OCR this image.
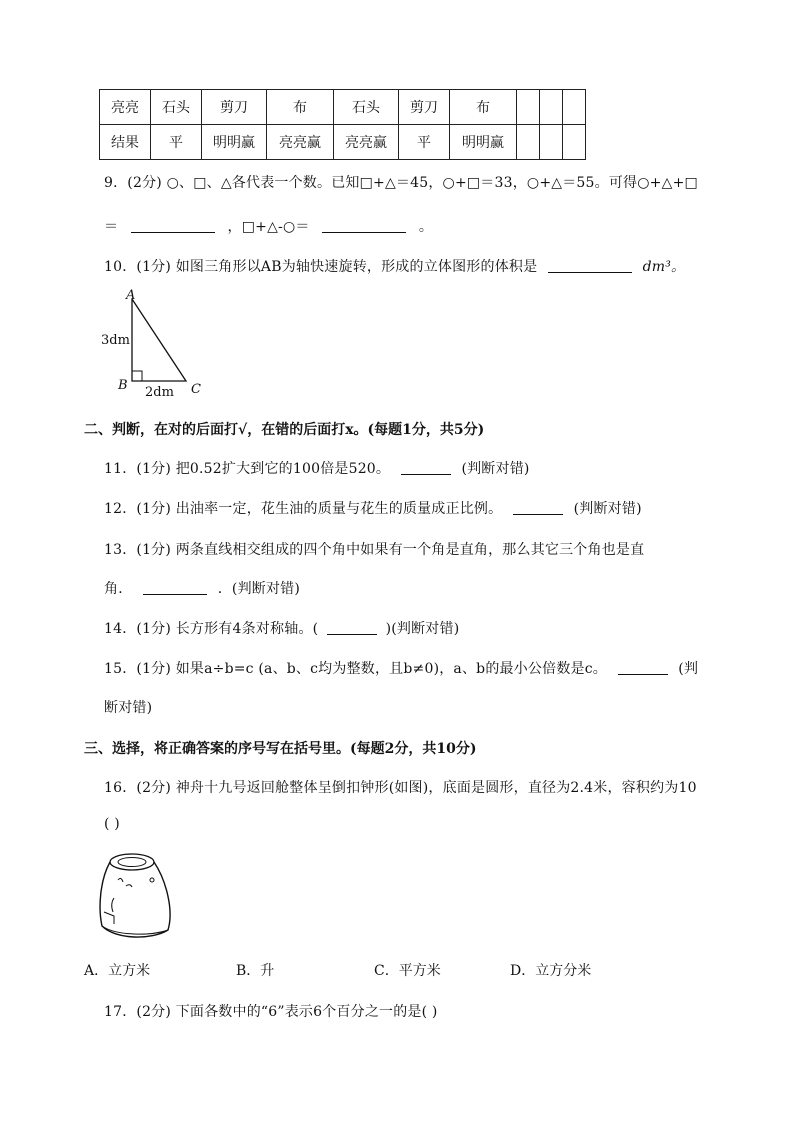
亮亮	石头	剪刀	布	石头	剪刀	布			
结果	平	明明赢	亮亮赢	亮亮赢	平	明明赢			
9．(2分) ○、□、△各代表一个数。已知□+△＝45，○+□＝33，○+△＝55。可得○+△+□
＝	，□+△-○＝	。
10．(1分) 如图三角形以AB为轴快速旋转，形成的立体图形的体积是	dm³。
A
B	C
3dm
2dm
二、判断，在对的后面打√，在错的后面打x。(每题1分，共5分)
11．(1分) 把0.52扩大到它的100倍是520。	(判断对错)
12．(1分) 出油率一定，花生油的质量与花生的质量成正比例。	(判断对错)
13．(1分) 两条直线相交组成的四个角中如果有一个角是直角，那么其它三个角也是直
角．	．(判断对错)
14．(1分) 长方形有4条对称轴。(	)(判断对错)
15．(1分) 如果a÷b=c (a、b、c均为整数，且b≠0)，a、b的最小公倍数是c。	(判
断对错)
三、选择，将正确答案的序号写在括号里。(每题2分，共10分)
16．(2分) 神舟十九号返回舱整体呈倒扣钟形(如图)，底面是圆形，直径为2.4米，容积约为10
( )
A．立方米	B．升	C．平方米	D．立方分米
17．(2分) 下面各数中的“6”表示6个百分之一的是( )
